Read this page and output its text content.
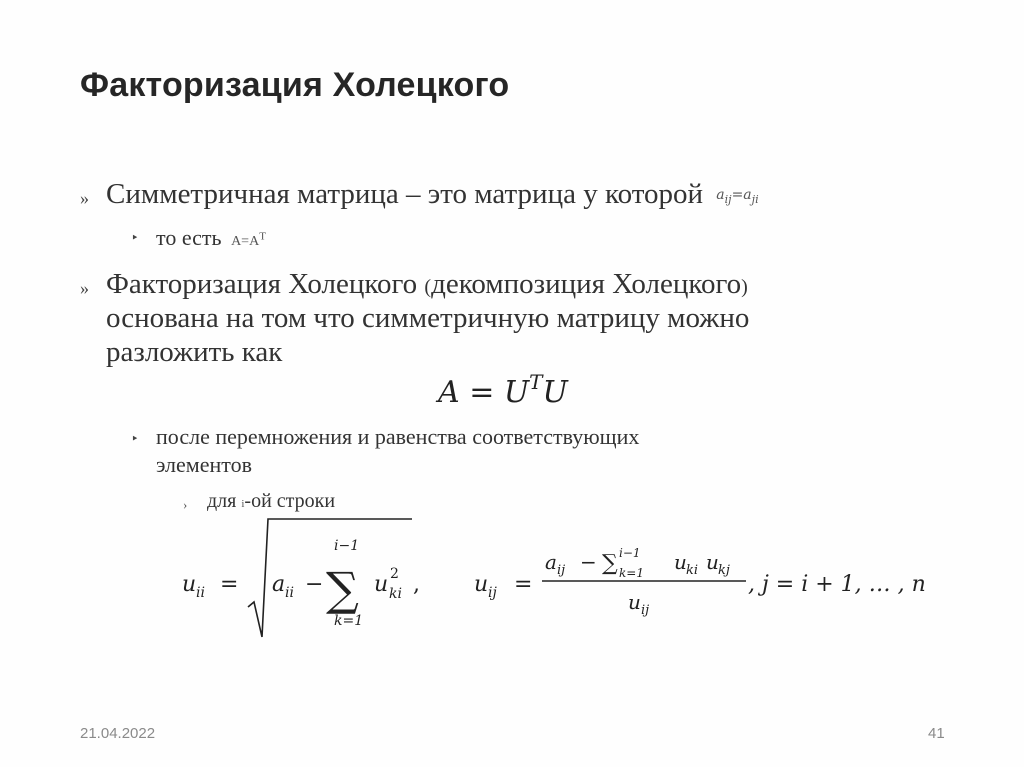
Факторизация Холецкого
» Симметричная матрица – это матрица у которой $a_{ij}=a_{ji}$
‣ то есть $A=A^T$
» Факторизация Холецкого (декомпозиция Холецкого)
основана на том что симметричную матрицу можно
разложить как
$A = U^TU$
‣ после перемножения и равенства соответствующих
элементов
› для i-ой строки
u ii = a ii −
i−1
∑
k=1
u 2
ki , u ij =
a ij − ∑ i−1
k=1 u ki u kj
u ij
, j = i + 1, … , n
21.04.2022	41
